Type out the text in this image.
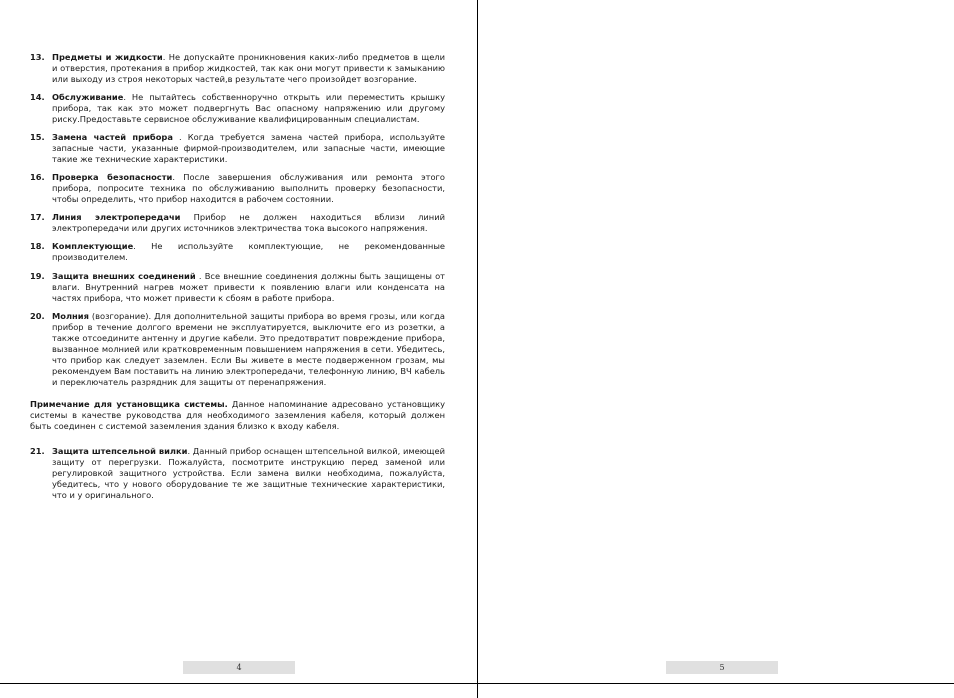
13. Предметы и жидкости. Не допускайте проникновения каких-либо предметов в щели и отверстия, протекания в прибор жидкостей, так как они могут привести к замыканию или выходу из строя некоторых частей,в результате чего произойдет возгорание.
14. Обслуживание. Не пытайтесь собственноручно открыть или переместить крышку прибора, так как это может подвергнуть Вас опасному напряжению или другому риску.Предоставьте сервисное обслуживание квалифицированным специалистам.
15. Замена частей прибора . Когда требуется замена частей прибора, используйте запасные части, указанные фирмой-производителем, или запасные части, имеющие такие же технические характеристики.
16. Проверка безопасности. После завершения обслуживания или ремонта этого прибора, попросите техника по обслуживанию выполнить проверку безопасности, чтобы определить, что прибор находится в рабочем состоянии.
17. Линия электропередачи Прибор не должен находиться вблизи линий электропередачи или других источников электричества тока высокого напряжения.
18. Комплектующие. Не используйте комплектующие, не рекомендованные производителем.
19. Защита внешних соединений . Все внешние соединения должны быть защищены от влаги. Внутренний нагрев может привести к появлению влаги или конденсата на частях прибора, что может привести к сбоям в работе прибора.
20. Молния (возгорание). Для дополнительной защиты прибора во время грозы, или когда прибор в течение долгого времени не эксплуатируется, выключите его из розетки, а также отсоедините антенну и другие кабели. Это предотвратит повреждение прибора, вызванное молнией или кратковременным повышением напряжения в сети. Убедитесь, что прибор как следует заземлен. Если Вы живете в месте подверженном грозам, мы рекомендуем Вам поставить на линию электропередачи, телефонную линию, ВЧ кабель и переключатель разрядник для защиты от перенапряжения.
Примечание для установщика системы. Данное напоминание адресовано установщику системы в качестве руководства для необходимого заземления кабеля, который должен быть соединен с системой заземления здания близко к входу кабеля.
21. Защита штепсельной вилки. Данный прибор оснащен штепсельной вилкой, имеющей защиту от перегрузки. Пожалуйста, посмотрите инструкцию перед заменой или регулировкой защитного устройства. Если замена вилки необходима, пожалуйста, убедитесь, что у нового оборудование те же защитные технические характеристики, что и у оригинального.
4

			5
